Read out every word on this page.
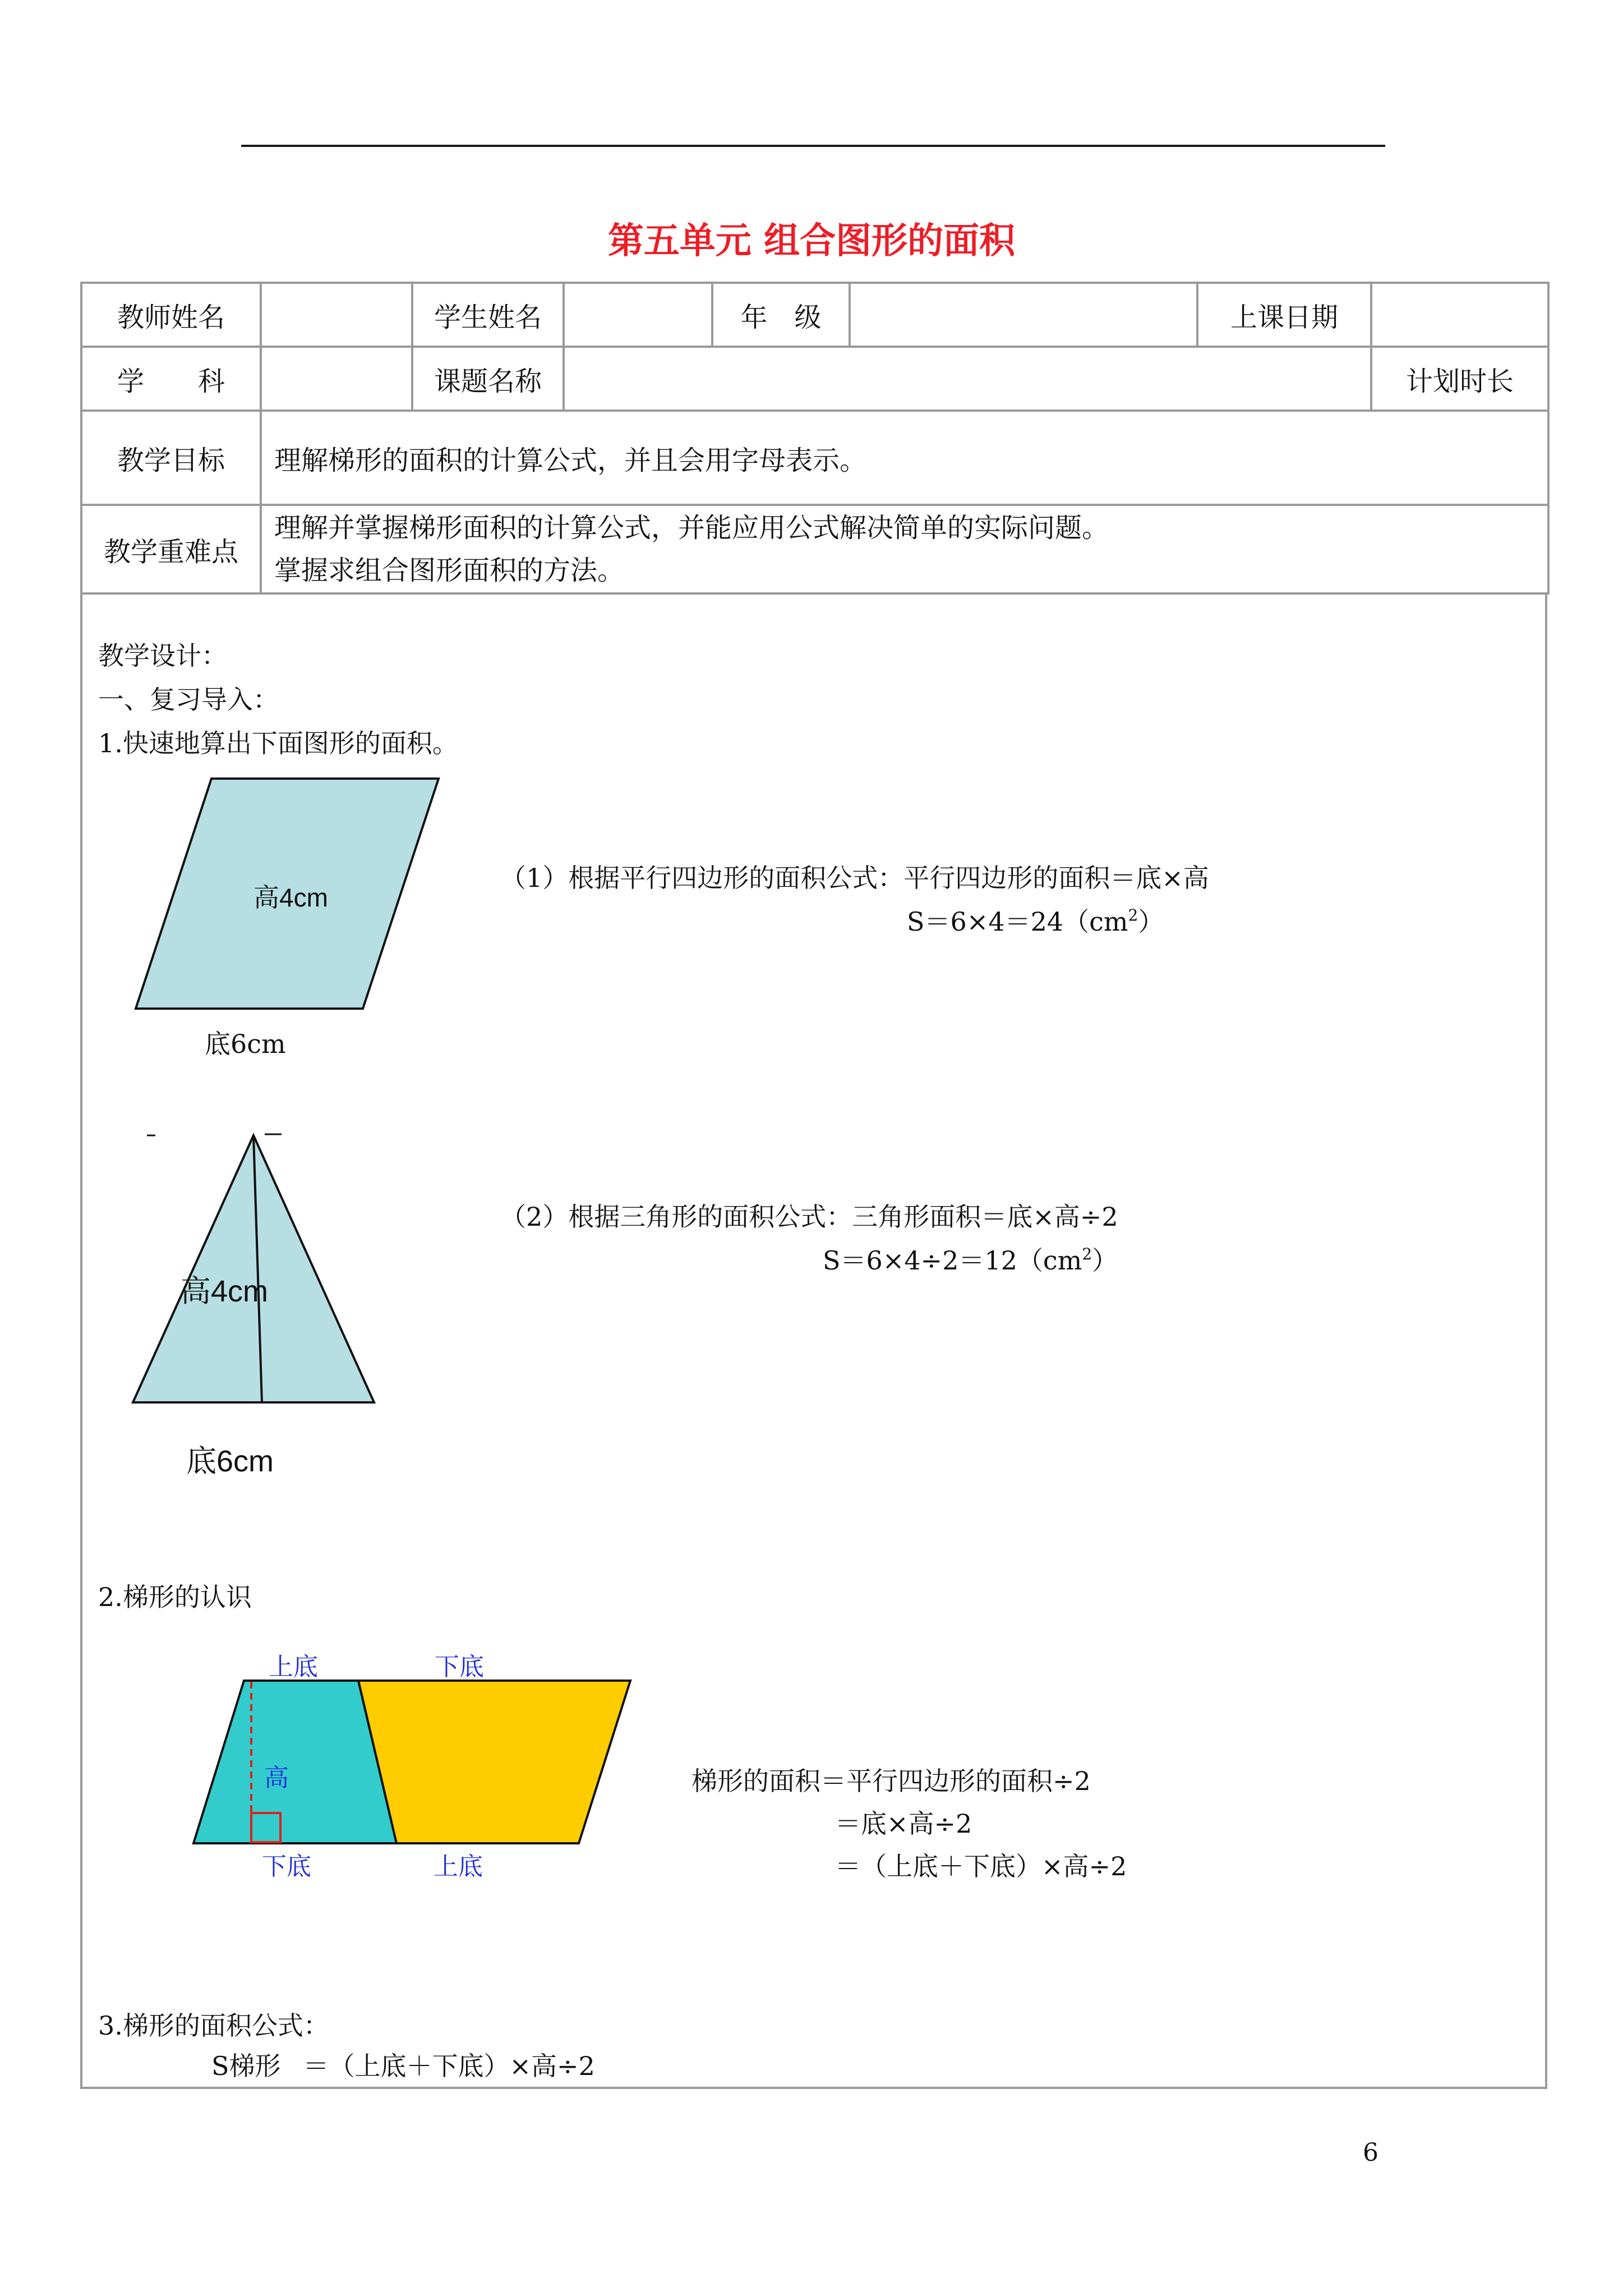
第五单元 组合图形的面积
教师姓名		学生姓名		年　级		上课日期		
学　　科		课题名称					计划时长	
教学目标	理解梯形的面积的计算公式，并且会用字母表示。							
教学重难点	理解并掌握梯形面积的计算公式，并能应用公式解决简单的实际问题。
掌握求组合图形面积的方法。							
教学设计：
一、复习导入：
1.快速地算出下面图形的面积。
高4cm
底6cm
（1）根据平行四边形的面积公式：平行四边形的面积＝底×高
$S=6\times 4=24(cm^2)$
高4cm
底6cm
（2）根据三角形的面积公式：三角形面积＝底×高÷2
$S=6\times 4\div 2=12(cm^2)$
2.梯形的认识
上底	下底
高
下底	上底
梯形的面积＝平行四边形的面积÷2
＝底×高÷2
＝（上底＋下底）×高÷2
3.梯形的面积公式：
S梯形 ＝（上底＋下底）×高÷2
6
